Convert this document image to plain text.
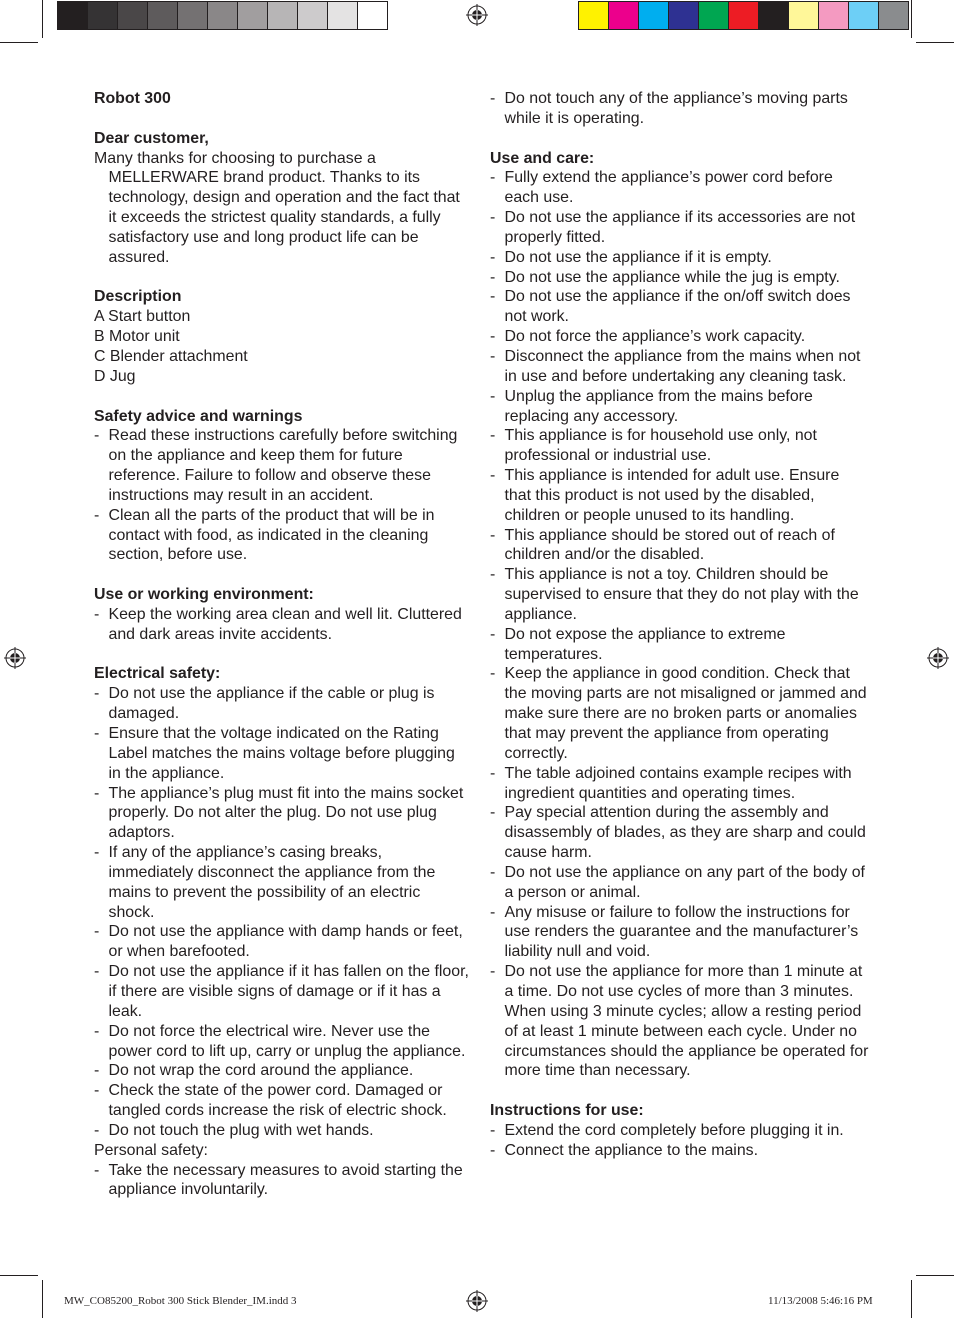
Robot 300
Dear customer,
Many thanks for choosing to purchase a MELLERWARE brand product. Thanks to its technology, design and operation and the fact that it exceeds the strictest quality standards, a fully satisfactory use and long product life can be assured.
Description
A Start button
B Motor unit
C Blender attachment
D Jug
Safety advice and warnings
- Read these instructions carefully before switching on the appliance and keep them for future reference. Failure to follow and observe these instructions may result in an accident.
- Clean all the parts of the product that will be in contact with food, as indicated in the cleaning section, before use.
Use or working environment:
- Keep the working area clean and well lit. Cluttered and dark areas invite accidents.
Electrical safety:
- Do not use the appliance if the cable or plug is damaged.
- Ensure that the voltage indicated on the Rating Label matches the mains voltage before plugging in the appliance.
- The appliance’s plug must fit into the mains socket properly. Do not alter the plug. Do not use plug adaptors.
- If any of the appliance’s casing breaks, immediately disconnect the appliance from the mains to prevent the possibility of an electric shock.
- Do not use the appliance with damp hands or feet, or when barefooted.
- Do not use the appliance if it has fallen on the floor, if there are visible signs of damage or if it has a leak.
- Do not force the electrical wire. Never use the power cord to lift up, carry or unplug the appliance.
- Do not wrap the cord around the appliance.
- Check the state of the power cord. Damaged or tangled cords increase the risk of electric shock.
- Do not touch the plug with wet hands.
Personal safety:
- Take the necessary measures to avoid starting the appliance involuntarily.
- Do not touch any of the appliance’s moving parts while it is operating.
Use and care:
- Fully extend the appliance’s power cord before each use.
- Do not use the appliance if its accessories are not properly fitted.
- Do not use the appliance if it is empty.
- Do not use the appliance while the jug is empty.
- Do not use the appliance if the on/off switch does not work.
- Do not force the appliance’s work capacity.
- Disconnect the appliance from the mains when not in use and before undertaking any cleaning task.
- Unplug the appliance from the mains before replacing any accessory.
- This appliance is for household use only, not professional or industrial use.
- This appliance is intended for adult use. Ensure that this product is not used by the disabled, children or people unused to its handling.
- This appliance should be stored out of reach of children and/or the disabled.
- This appliance is not a toy. Children should be supervised to ensure that they do not play with the appliance.
- Do not expose the appliance to extreme temperatures.
- Keep the appliance in good condition. Check that the moving parts are not misaligned or jammed and make sure there are no broken parts or anomalies that may prevent the appliance from operating correctly.
- The table adjoined contains example recipes with ingredient quantities and operating times.
- Pay special attention during the assembly and disassembly of blades, as they are sharp and could cause harm.
- Do not use the appliance on any part of the body of a person or animal.
- Any misuse or failure to follow the instructions for use renders the guarantee and the manufacturer’s liability null and void.
- Do not use the appliance for more than 1 minute at a time. Do not use cycles of more than 3 minutes. When using 3 minute cycles; allow a resting period of at least 1 minute between each cycle. Under no circumstances should the appliance be operated for more time than necessary.
Instructions for use:
- Extend the cord completely before plugging it in.
- Connect the appliance to the mains.
MW_CO85200_Robot 300 Stick Blender_IM.indd 3	11/13/2008 5:46:16 PM
